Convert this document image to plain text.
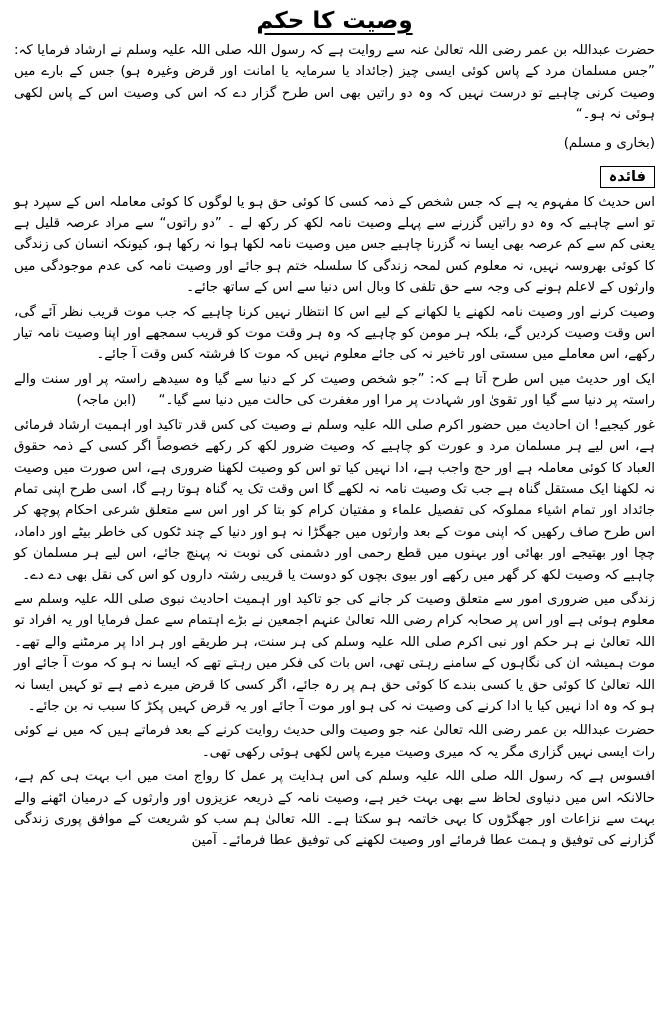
وصیت کا حکم

حضرت عبداللہ بن عمر رضی اللہ تعالیٰ عنہ سے روایت ہے کہ رسول اللہ صلی اللہ علیہ وسلم نے ارشاد فرمایا کہ: ”جس مسلمان مرد کے پاس کوئی ایسی چیز (جائداد یا سرمایہ یا امانت اور قرض وغیرہ ہو) جس کے بارے میں وصیت کرنی چاہیے تو درست نہیں کہ وہ دو راتیں بھی اس طرح گزار دے کہ اس کی وصیت اس کے پاس لکھی ہوئی نہ ہو۔“

(بخاری و مسلم)

فائدہ

اس حدیث کا مفہوم یہ ہے کہ جس شخص کے ذمہ کسی کا کوئی حق ہو یا لوگوں کا کوئی معاملہ اس کے سپرد ہو تو اسے چاہیے کہ وہ دو راتیں گزرنے سے پہلے وصیت نامہ لکھ کر رکھ لے ۔ ”دو راتوں“ سے مراد عرصہ قلیل ہے یعنی کم سے کم عرصہ بھی ایسا نہ گزرنا چاہیے جس میں وصیت نامہ لکھا ہوا نہ رکھا ہو، کیونکہ انسان کی زندگی کا کوئی بھروسہ نہیں، نہ معلوم کس لمحہ زندگی کا سلسلہ ختم ہو جائے اور وصیت نامہ کی عدم موجودگی میں وارثوں کے لاعلم ہونے کی وجہ سے حق تلفی کا وبال اس دنیا سے اس کے ساتھ جائے۔

وصیت کرنے اور وصیت نامہ لکھنے یا لکھانے کے لیے اس کا انتظار نہیں کرنا چاہیے کہ جب موت قریب نظر آئے گی، اس وقت وصیت کردیں گے، بلکہ ہر مومن کو چاہیے کہ وہ ہر وقت موت کو قریب سمجھے اور اپنا وصیت نامہ تیار رکھے، اس معاملے میں سستی اور تاخیر نہ کی جائے معلوم نہیں کہ موت کا فرشتہ کس وقت آ جائے۔

ایک اور حدیث میں اس طرح آتا ہے کہ: ”جو شخص وصیت کر کے دنیا سے گیا وہ سیدھے راستہ پر اور سنت والے راستہ پر دنیا سے گیا اور تقویٰ اور شہادت پر مرا اور مغفرت کی حالت میں دنیا سے گیا۔“ (ابن ماجہ)

غور کیجیے! ان احادیث میں حضور اکرم صلی اللہ علیہ وسلم نے وصیت کی کس قدر تاکید اور اہمیت ارشاد فرمائی ہے، اس لیے ہر مسلمان مرد و عورت کو چاہیے کہ وصیت ضرور لکھ کر رکھے خصوصاً اگر کسی کے ذمہ حقوق العباد کا کوئی معاملہ ہے اور حج واجب ہے، ادا نہیں کیا تو اس کو وصیت لکھنا ضروری ہے، اس صورت میں وصیت نہ لکھنا ایک مستقل گناہ ہے جب تک وصیت نامہ نہ لکھے گا اس وقت تک یہ گناہ ہوتا رہے گا، اسی طرح اپنی تمام جائداد اور تمام اشیاء مملوکہ کی تفصیل علماء و مفتیان کرام کو بتا کر اور اس سے متعلق شرعی احکام پوچھ کر اس طرح صاف رکھیں کہ اپنی موت کے بعد وارثوں میں جھگڑا نہ ہو اور دنیا کے چند ٹکوں کی خاطر بیٹے اور داماد، چچا اور بھتیجے اور بھائی اور بہنوں میں قطع رحمی اور دشمنی کی نوبت نہ پہنچ جائے، اس لیے ہر مسلمان کو چاہیے کہ وصیت لکھ کر گھر میں رکھے اور بیوی بچوں کو دوست یا قریبی رشتہ داروں کو اس کی نقل بھی دے دے۔

زندگی میں ضروری امور سے متعلق وصیت کر جانے کی جو تاکید اور اہمیت احادیث نبوی صلی اللہ علیہ وسلم سے معلوم ہوئی ہے اور اس پر صحابہ کرام رضی اللہ تعالیٰ عنہم اجمعین نے بڑے اہتمام سے عمل فرمایا اور یہ افراد تو اللہ تعالیٰ نے ہر حکم اور نبی اکرم صلی اللہ علیہ وسلم کی ہر سنت، ہر طریقے اور ہر ادا پر مرمٹنے والے تھے۔ موت ہمیشہ ان کی نگاہوں کے سامنے رہتی تھی، اس بات کی فکر میں رہتے تھے کہ ایسا نہ ہو کہ موت آ جائے اور اللہ تعالیٰ کا کوئی حق یا کسی بندے کا کوئی حق ہم پر رہ جائے، اگر کسی کا قرض میرے ذمے ہے تو کہیں ایسا نہ ہو کہ وہ ادا نہیں کیا یا ادا کرنے کی وصیت نہ کی ہو اور موت آ جائے اور یہ قرض کہیں پکڑ کا سبب نہ بن جائے۔

حضرت عبداللہ بن عمر رضی اللہ تعالیٰ عنہ جو وصیت والی حدیث روایت کرنے کے بعد فرماتے ہیں کہ میں نے کوئی رات ایسی نہیں گزاری مگر یہ کہ میری وصیت میرے پاس لکھی ہوئی رکھی تھی۔

افسوس ہے کہ رسول اللہ صلی اللہ علیہ وسلم کی اس ہدایت پر عمل کا رواج امت میں اب بہت ہی کم ہے، حالانکہ اس میں دنیاوی لحاظ سے بھی بہت خیر ہے، وصیت نامہ کے ذریعہ عزیزوں اور وارثوں کے درمیان اٹھنے والے بہت سے نزاعات اور جھگڑوں کا بہی خاتمہ ہو سکتا ہے۔ اللہ تعالیٰ ہم سب کو شریعت کے موافق پوری زندگی گزارنے کی توفیق و ہمت عطا فرمائے اور وصیت لکھنے کی توفیق عطا فرمائے۔ آمین
